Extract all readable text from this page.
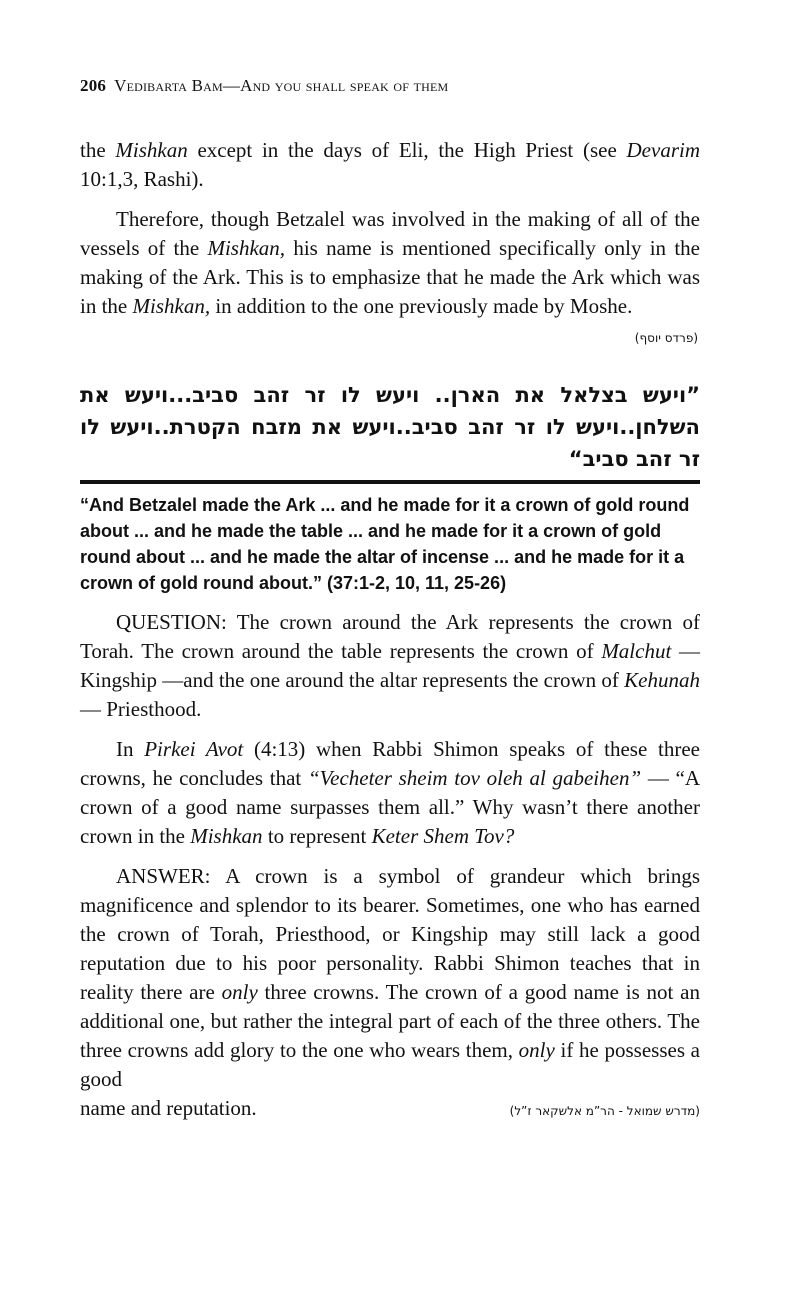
206 Vedibarta Bam—And you shall speak of them

the Mishkan except in the days of Eli, the High Priest (see Devarim 10:1,3, Rashi).

Therefore, though Betzalel was involved in the making of all of the vessels of the Mishkan, his name is mentioned specifically only in the making of the Ark. This is to emphasize that he made the Ark which was in the Mishkan, in addition to the one previously made by Moshe.

(פרדס יוסף)
”ויעש בצלאל את הארן.. ויעש לו זר זהב סביב...ויעש את השלחן..ויעש לו זר זהב סביב..ויעש את מזבח הקטרת..ויעש לו זר זהב סביב“

“And Betzalel made the Ark ... and he made for it a crown of gold round about ... and he made the table ... and he made for it a crown of gold round about ... and he made the altar of incense ... and he made for it a crown of gold round about.” (37:1-2, 10, 11, 25-26)

QUESTION: The crown around the Ark represents the crown of Torah. The crown around the table represents the crown of Malchut — Kingship —and the one around the altar represents the crown of Kehunah — Priesthood.

In Pirkei Avot (4:13) when Rabbi Shimon speaks of these three crowns, he concludes that “Vecheter sheim tov oleh al gabeihen” — “A crown of a good name surpasses them all.” Why wasn’t there another crown in the Mishkan to represent Keter Shem Tov?

ANSWER: A crown is a symbol of grandeur which brings magnificence and splendor to its bearer. Sometimes, one who has earned the crown of Torah, Priesthood, or Kingship may still lack a good reputation due to his poor personality. Rabbi Shimon teaches that in reality there are only three crowns. The crown of a good name is not an additional one, but rather the integral part of each of the three others. The three crowns add glory to the one who wears them, only if he possesses a good

name and reputation.	(מדרש שמואל - הר”מ אלשקאר ז”ל)
